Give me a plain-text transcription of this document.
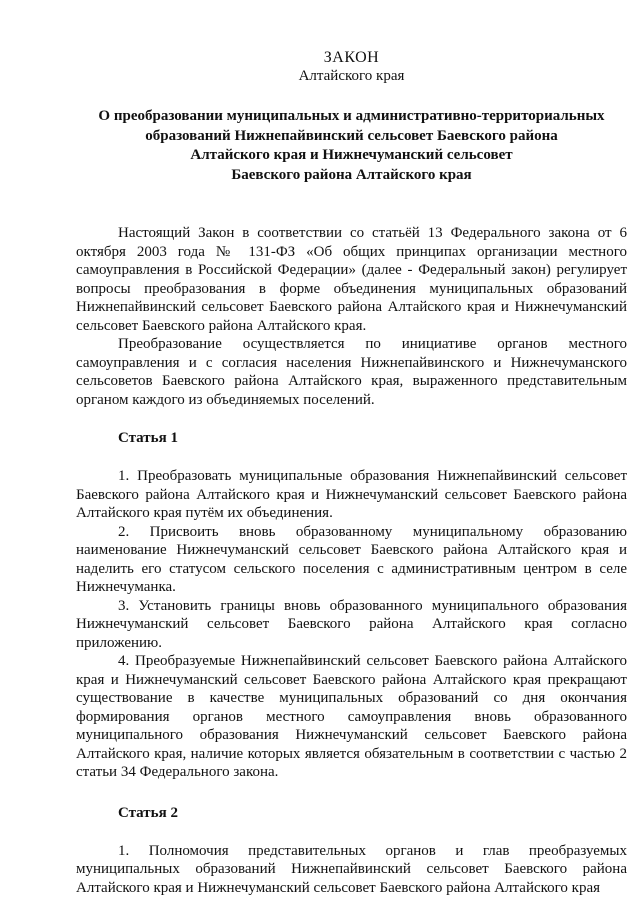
ЗАКОН
Алтайского края
О преобразовании муниципальных и административно-территориальных
образований Нижнепайвинский сельсовет Баевского района
Алтайского края и Нижнечуманский сельсовет
Баевского района Алтайского края

Настоящий Закон в соответствии со статьёй 13 Федерального закона от 6 октября 2003 года № 131-ФЗ «Об общих принципах организации местного самоуправления в Российской Федерации» (далее - Федеральный закон) регулирует вопросы преобразования в форме объединения муниципальных образований Нижнепайвинский сельсовет Баевского района Алтайского края и Нижнечуманский сельсовет Баевского района Алтайского края.

Преобразование осуществляется по инициативе органов местного самоуправления и с согласия населения Нижнепайвинского и Нижнечуманского сельсоветов Баевского района Алтайского края, выраженного представительным органом каждого из объединяемых поселений.

Статья 1

1. Преобразовать муниципальные образования Нижнепайвинский сельсовет Баевского района Алтайского края и Нижнечуманский сельсовет Баевского района Алтайского края путём их объединения.

2. Присвоить вновь образованному муниципальному образованию наименование Нижнечуманский сельсовет Баевского района Алтайского края и наделить его статусом сельского поселения с административным центром в селе Нижнечуманка.

3. Установить границы вновь образованного муниципального образования Нижнечуманский сельсовет Баевского района Алтайского края согласно приложению.

4. Преобразуемые Нижнепайвинский сельсовет Баевского района Алтайского края и Нижнечуманский сельсовет Баевского района Алтайского края прекращают существование в качестве муниципальных образований со дня окончания формирования органов местного самоуправления вновь образованного муниципального образования Нижнечуманский сельсовет Баевского района Алтайского края, наличие которых является обязательным в соответствии с частью 2 статьи 34 Федерального закона.

Статья 2

1. Полномочия представительных органов и глав преобразуемых муниципальных образований Нижнепайвинский сельсовет Баевского района Алтайского края и Нижнечуманский сельсовет Баевского района Алтайского края
